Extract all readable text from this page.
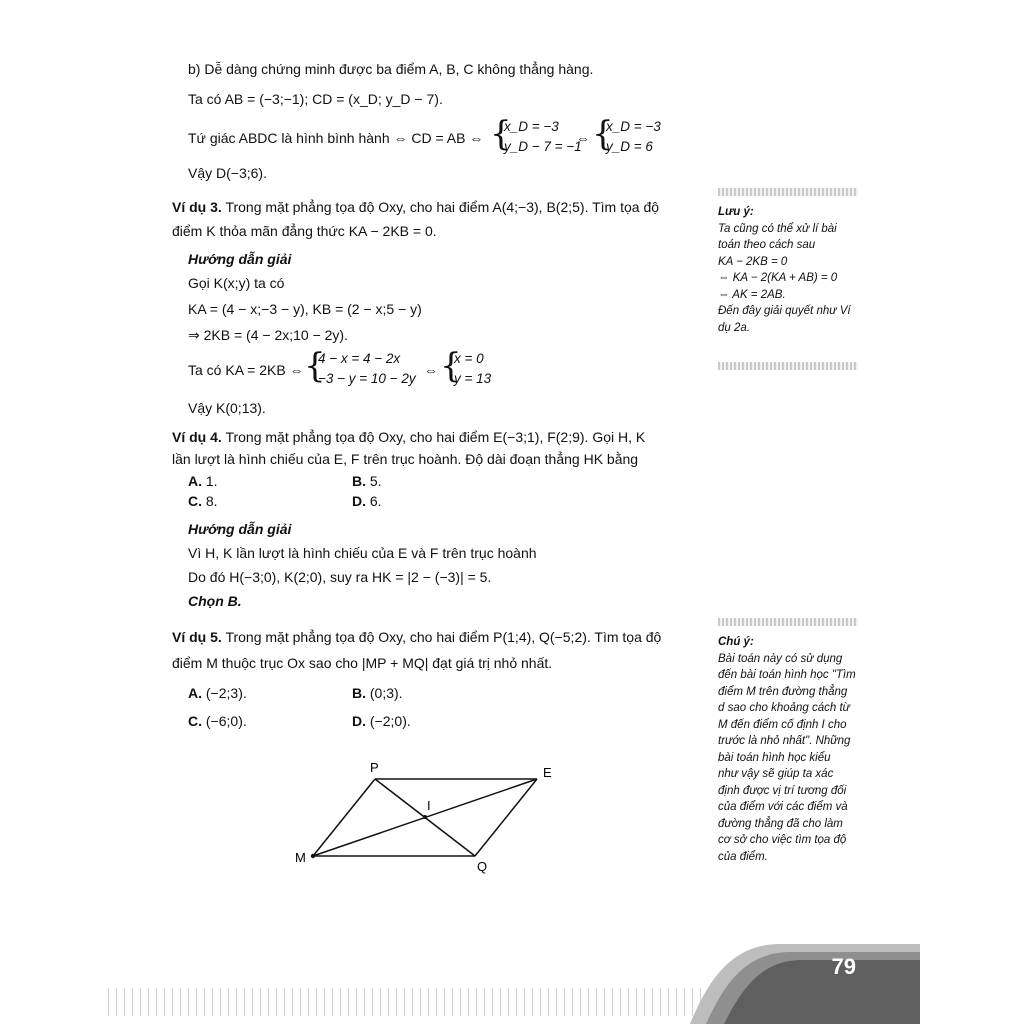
b) Dễ dàng chứng minh được ba điểm A, B, C không thẳng hàng.
Ta có AB = (−3;−1); CD = (x_D; y_D − 7).
Tứ giác ABDC là hình bình hành ⇔ CD = AB ⇔ {
x_D = −3
y_D − 7 = −1
⇔ {
x_D = −3
y_D = 6
Vậy D(−3;6).
Ví dụ 3. Trong mặt phẳng tọa độ Oxy, cho hai điểm A(4;−3), B(2;5). Tìm tọa độ
điểm K thỏa mãn đẳng thức KA − 2KB = 0.
Hướng dẫn giải
Gọi K(x;y) ta có
KA = (4 − x;−3 − y), KB = (2 − x;5 − y)
⇒ 2KB = (4 − 2x;10 − 2y).
Ta có KA = 2KB ⇔ {
4 − x = 4 − 2x
−3 − y = 10 − 2y
⇔ {
x = 0
y = 13
Vậy K(0;13).
Ví dụ 4. Trong mặt phẳng tọa độ Oxy, cho hai điểm E(−3;1), F(2;9). Gọi H, K
lần lượt là hình chiếu của E, F trên trục hoành. Độ dài đoạn thẳng HK bằng
A. 1.	B. 5.
C. 8.	D. 6.
Hướng dẫn giải
Vì H, K lần lượt là hình chiếu của E và F trên trục hoành
Do đó H(−3;0), K(2;0), suy ra HK = |2 − (−3)| = 5.
Chọn B.
Ví dụ 5. Trong mặt phẳng tọa độ Oxy, cho hai điểm P(1;4), Q(−5;2). Tìm tọa độ
điểm M thuộc trục Ox sao cho |MP + MQ| đạt giá trị nhỏ nhất.
A. (−2;3).	B. (0;3).
C. (−6;0).	D. (−2;0).
P	E
I
M
Q
Lưu ý:
Ta cũng có thể xử lí bài
toán theo cách sau
KA − 2KB = 0
⇔ KA − 2(KA + AB) = 0
⇔ AK = 2AB.
Đến đây giải quyết như Ví
dụ 2a.
Chú ý:
Bài toán này có sử dụng
đến bài toán hình học "Tìm
điểm M trên đường thẳng
d sao cho khoảng cách từ
M đến điểm cố định I cho
trước là nhỏ nhất". Những
bài toán hình học kiểu
như vậy sẽ giúp ta xác
định được vị trí tương đối
của điểm với các điểm và
đường thẳng đã cho làm
cơ sở cho việc tìm tọa độ
của điểm.
79
